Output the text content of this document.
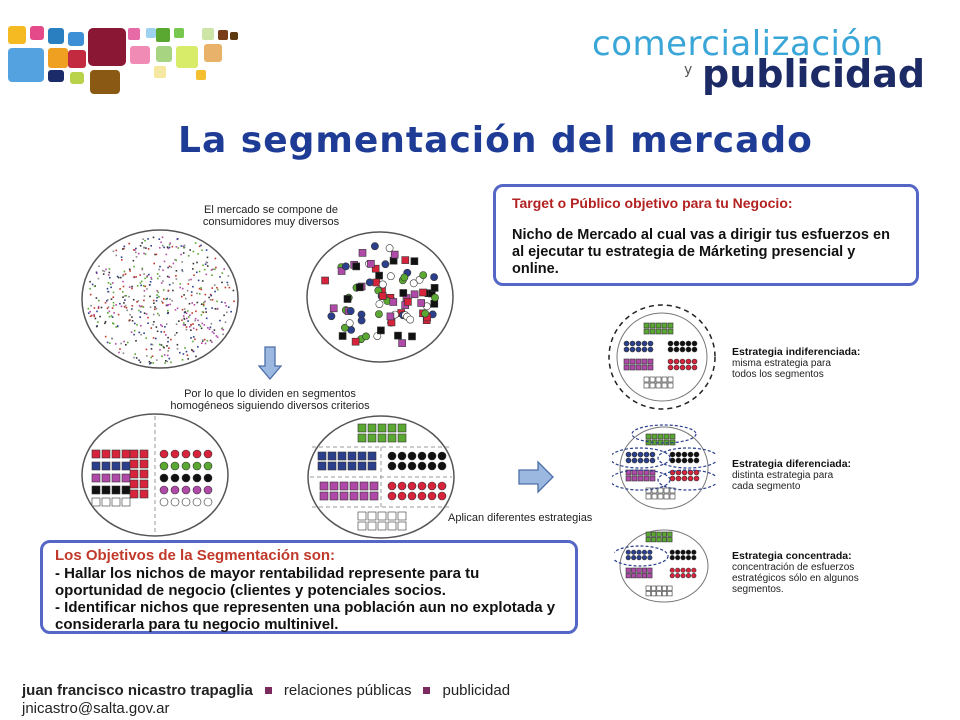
comercialización
y publicidad
La segmentación del mercado
El mercado se compone de
consumidores muy diversos
Por lo que lo dividen en segmentos
homogéneos siguiendo diversos criterios
Aplican diferentes estrategias
Target o Público objetivo para tu Negocio:
Nicho de Mercado al cual vas a dirigir tus esfuerzos en al ejecutar tu estrategia de Márketing presencial y online.
Los Objetivos de la Segmentación son:
- Hallar los nichos de mayor rentabilidad represente para tu oportunidad de negocio (clientes y potenciales socios.
- Identificar nichos que representen una población aun no explotada y considerarla para tu negocio multinivel.
Estrategia indiferenciada:
misma estrategia para
todos los segmentos
Estrategia diferenciada:
distinta estrategia para
cada segmento
Estrategia concentrada:
concentración de esfuerzos
estratégicos sólo en algunos
segmentos.
juan francisco nicastro trapaglia relaciones públicas publicidad
jnicastro@salta.gov.ar
